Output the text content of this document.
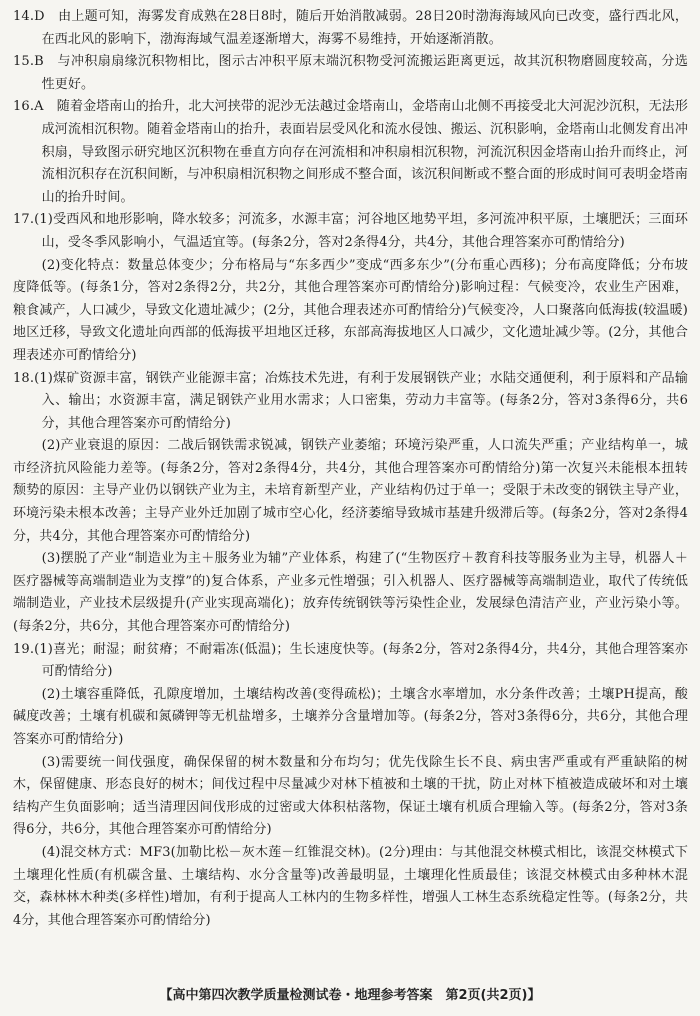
14.D　由上题可知，海雾发育成熟在28日8时，随后开始消散减弱。28日20时渤海海域风向已改变，盛行西北风，在西北风的影响下，渤海海域气温差逐渐增大，海雾不易维持，开始逐渐消散。

15.B　与冲积扇扇缘沉积物相比，图示古冲积平原末端沉积物受河流搬运距离更远，故其沉积物磨圆度较高，分选性更好。

16.A　随着金塔南山的抬升，北大河挟带的泥沙无法越过金塔南山，金塔南山北侧不再接受北大河泥沙沉积，无法形成河流相沉积物。随着金塔南山的抬升，表面岩层受风化和流水侵蚀、搬运、沉积影响，金塔南山北侧发育出冲积扇，导致图示研究地区沉积物在垂直方向存在河流相和冲积扇相沉积物，河流沉积因金塔南山抬升而终止，河流相沉积存在沉积间断，与冲积扇相沉积物之间形成不整合面，该沉积间断或不整合面的形成时间可表明金塔南山的抬升时间。

17.(1)受西风和地形影响，降水较多；河流多，水源丰富；河谷地区地势平坦，多河流冲积平原，土壤肥沃；三面环山，受冬季风影响小，气温适宜等。(每条2分，答对2条得4分，共4分，其他合理答案亦可酌情给分)

(2)变化特点：数量总体变少；分布格局与“东多西少”变成“西多东少”(分布重心西移)；分布高度降低；分布坡度降低等。(每条1分，答对2条得2分，共2分，其他合理答案亦可酌情给分)影响过程：气候变冷，农业生产困难，粮食减产，人口减少，导致文化遗址减少；(2分，其他合理表述亦可酌情给分)气候变冷，人口聚落向低海拔(较温暖)地区迁移，导致文化遗址向西部的低海拔平坦地区迁移，东部高海拔地区人口减少，文化遗址减少等。(2分，其他合理表述亦可酌情给分)

18.(1)煤矿资源丰富，钢铁产业能源丰富；冶炼技术先进，有利于发展钢铁产业；水陆交通便利，利于原料和产品输入、输出；水资源丰富，满足钢铁产业用水需求；人口密集，劳动力丰富等。(每条2分，答对3条得6分，共6分，其他合理答案亦可酌情给分)

(2)产业衰退的原因：二战后钢铁需求锐减，钢铁产业萎缩；环境污染严重，人口流失严重；产业结构单一，城市经济抗风险能力差等。(每条2分，答对2条得4分，共4分，其他合理答案亦可酌情给分)第一次复兴未能根本扭转颓势的原因：主导产业仍以钢铁产业为主，未培育新型产业，产业结构仍过于单一；受限于未改变的钢铁主导产业，环境污染未根本改善；主导产业外迁加剧了城市空心化，经济萎缩导致城市基建升级滞后等。(每条2分，答对2条得4分，共4分，其他合理答案亦可酌情给分)

(3)摆脱了产业“制造业为主＋服务业为辅”产业体系，构建了(“生物医疗＋教育科技等服务业为主导，机器人＋医疗器械等高端制造业为支撑”的)复合体系，产业多元性增强；引入机器人、医疗器械等高端制造业，取代了传统低端制造业，产业技术层级提升(产业实现高端化)；放弃传统钢铁等污染性企业，发展绿色清洁产业，产业污染小等。(每条2分，共6分，其他合理答案亦可酌情给分)

19.(1)喜光；耐湿；耐贫瘠；不耐霜冻(低温)；生长速度快等。(每条2分，答对2条得4分，共4分，其他合理答案亦可酌情给分)

(2)土壤容重降低，孔隙度增加，土壤结构改善(变得疏松)；土壤含水率增加，水分条件改善；土壤PH提高，酸碱度改善；土壤有机碳和氮磷钾等无机盐增多，土壤养分含量增加等。(每条2分，答对3条得6分，共6分，其他合理答案亦可酌情给分)

(3)需要统一间伐强度，确保保留的树木数量和分布均匀；优先伐除生长不良、病虫害严重或有严重缺陷的树木，保留健康、形态良好的树木；间伐过程中尽量减少对林下植被和土壤的干扰，防止对林下植被造成破坏和对土壤结构产生负面影响；适当清理因间伐形成的过密或大体积枯落物，保证土壤有机质合理输入等。(每条2分，答对3条得6分，共6分，其他合理答案亦可酌情给分)

(4)混交林方式：MF3(加勒比松－灰木莲－红锥混交林)。(2分)理由：与其他混交林模式相比，该混交林模式下土壤理化性质(有机碳含量、土壤结构、水分含量等)改善最明显，土壤理化性质最佳；该混交林模式由多种林木混交，森林林木种类(多样性)增加，有利于提高人工林内的生物多样性，增强人工林生态系统稳定性等。(每条2分，共4分，其他合理答案亦可酌情给分)

【高中第四次教学质量检测试卷・地理参考答案　第2页(共2页)】
